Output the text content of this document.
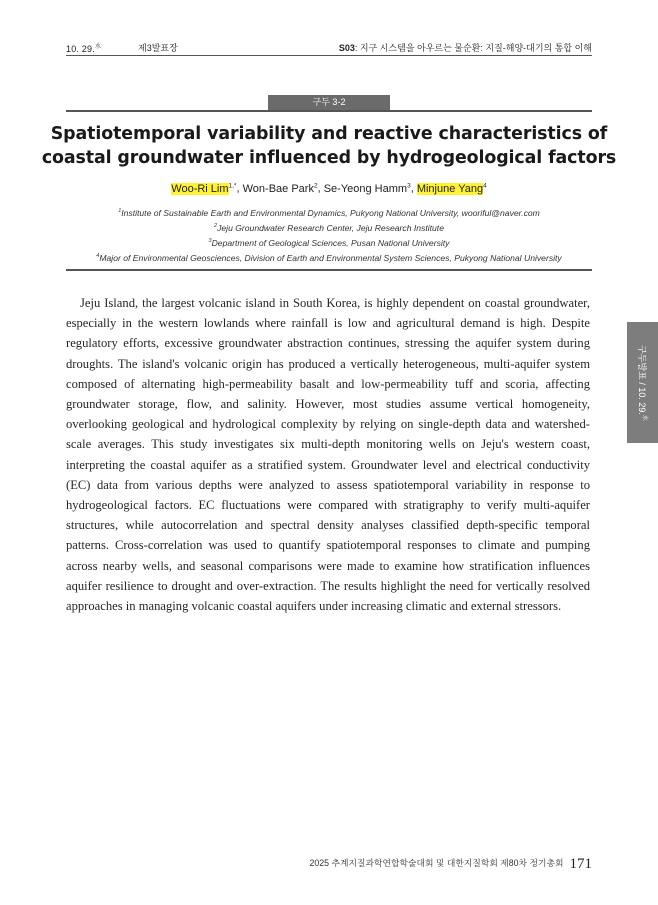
10. 29.$^水$	제3발표장	S03: 지구 시스템을 아우르는 물순환: 지질-해양-대기의 통합 이해
구두 3-2
Spatiotemporal variability and reactive characteristics of
coastal groundwater influenced by hydrogeological factors
Woo-Ri Lim$^{1,*}$, Won-Bae Park$^2$, Se-Yeong Hamm$^3$, Minjune Yang$^4$
$^1$Institute of Sustainable Earth and Environmental Dynamics, Pukyong National University, wooriful@naver.com
$^2$Jeju Groundwater Research Center, Jeju Research Institute
$^3$Department of Geological Sciences, Pusan National University
$^4$Major of Environmental Geosciences, Division of Earth and Environmental System Sciences, Pukyong National University

Jeju Island, the largest volcanic island in South Korea, is highly dependent on coastal groundwater, especially in the western lowlands where rainfall is low and agricultural demand is high. Despite regulatory efforts, excessive groundwater abstraction continues, stressing the aquifer system during droughts. The island's volcanic origin has produced a vertically heterogeneous, multi-aquifer system composed of alternating high-permeability basalt and low-permeability tuff and scoria, affecting groundwater storage, flow, and salinity. However, most studies assume vertical homogeneity, overlooking geological and hydrological complexity by relying on single-depth data and watershed-scale averages. This study investigates six multi-depth monitoring wells on Jeju's western coast, interpreting the coastal aquifer as a stratified system. Groundwater level and electrical conductivity (EC) data from various depths were analyzed to assess spatiotemporal variability in response to hydrogeological factors. EC fluctuations were compared with stratigraphy to verify multi-aquifer structures, while autocorrelation and spectral density analyses classified depth-specific temporal patterns. Cross-correlation was used to quantify spatiotemporal responses to climate and pumping across nearby wells, and seasonal comparisons were made to examine how stratification influences aquifer resilience to drought and over-extraction. The results highlight the need for vertically resolved approaches in managing volcanic coastal aquifers under increasing climatic and external stressors.

구두발표 / 10. 29.$^水$
2025 추계지질과학연합학술대회 및 대한지질학회 제80차 정기총회 171
